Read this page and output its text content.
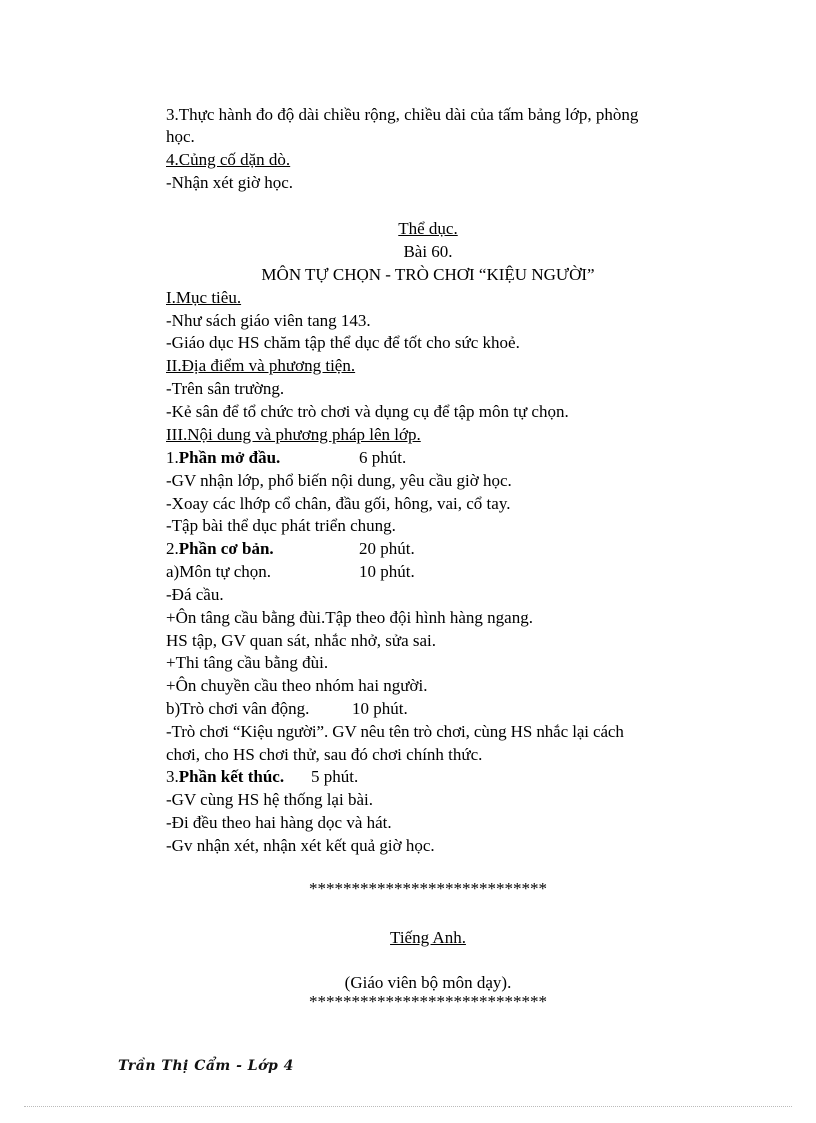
3.Thực hành đo độ dài chiều rộng, chiều dài của tấm bảng lớp, phòng
học.
4.Củng cố dặn dò.
-Nhận xét giờ học.
Thể dục.
Bài 60.
MÔN TỰ CHỌN - TRÒ CHƠI “KIỆU NGƯỜI”
I.Mục tiêu.
-Như sách giáo viên tang 143.
-Giáo dục HS chăm tập thể dục để tốt cho sức khoẻ.
II.Địa điểm và phương tiện.
-Trên sân trường.
-Kẻ sân để tổ chức trò chơi và dụng cụ để tập môn tự chọn.
III.Nội dung và phương pháp lên lớp.
1.Phần mở đầu.	6 phút.
-GV nhận lớp, phổ biến nội dung, yêu cầu giờ học.
-Xoay các lhớp cổ chân, đầu gối, hông, vai, cổ tay.
-Tập bài thể dục phát triển chung.
2.Phần cơ bản.	20 phút.
a)Môn tự chọn.	10 phút.
-Đá cầu.
+Ôn tâng cầu bằng đùi.Tập theo đội hình hàng ngang.
HS tập, GV quan sát, nhắc nhở, sửa sai.
+Thi tâng cầu bằng đùi.
+Ôn chuyền cầu theo nhóm hai người.
b)Trò chơi vân động.	10 phút.
-Trò chơi “Kiệu người”. GV nêu tên trò chơi, cùng HS nhắc lại cách
chơi, cho HS chơi thử, sau đó chơi chính thức.
3.Phần kết thúc. 5 phút.
-GV cùng HS hệ thống lại bài.
-Đi đều theo hai hàng dọc và hát.
-Gv nhận xét, nhận xét kết quả giờ học.
****************************
Tiếng Anh.
(Giáo viên bộ môn dạy).
****************************
Trần Thị Cẩm - Lớp 4
